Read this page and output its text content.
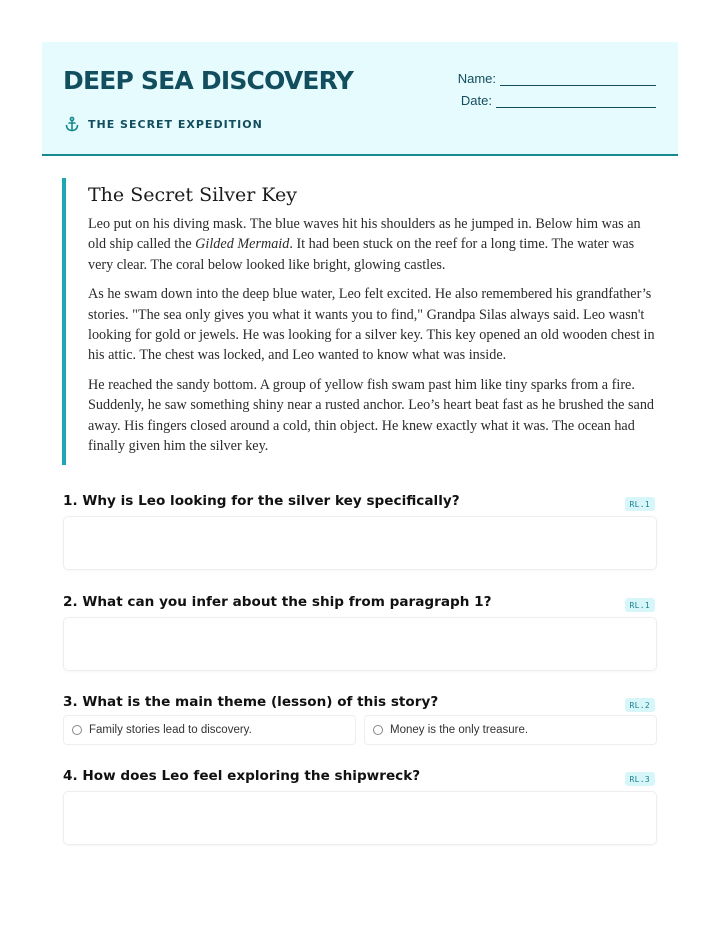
DEEP SEA DISCOVERY
THE SECRET EXPEDITION
Name:
Date:
The Secret Silver Key

Leo put on his diving mask. The blue waves hit his shoulders as he jumped in. Below him was an old ship called the Gilded Mermaid. It had been stuck on the reef for a long time. The water was very clear. The coral below looked like bright, glowing castles.

As he swam down into the deep blue water, Leo felt excited. He also remembered his grandfather’s stories. "The sea only gives you what it wants you to find," Grandpa Silas always said. Leo wasn't looking for gold or jewels. He was looking for a silver key. This key opened an old wooden chest in his attic. The chest was locked, and Leo wanted to know what was inside.

He reached the sandy bottom. A group of yellow fish swam past him like tiny sparks from a fire. Suddenly, he saw something shiny near a rusted anchor. Leo’s heart beat fast as he brushed the sand away. His fingers closed around a cold, thin object. He knew exactly what it was. The ocean had finally given him the silver key.

1. Why is Leo looking for the silver key specifically?	RL.1
2. What can you infer about the ship from paragraph 1?	RL.1
3. What is the main theme (lesson) of this story?	RL.2
Family stories lead to discovery.	Money is the only treasure.
4. How does Leo feel exploring the shipwreck?	RL.3
